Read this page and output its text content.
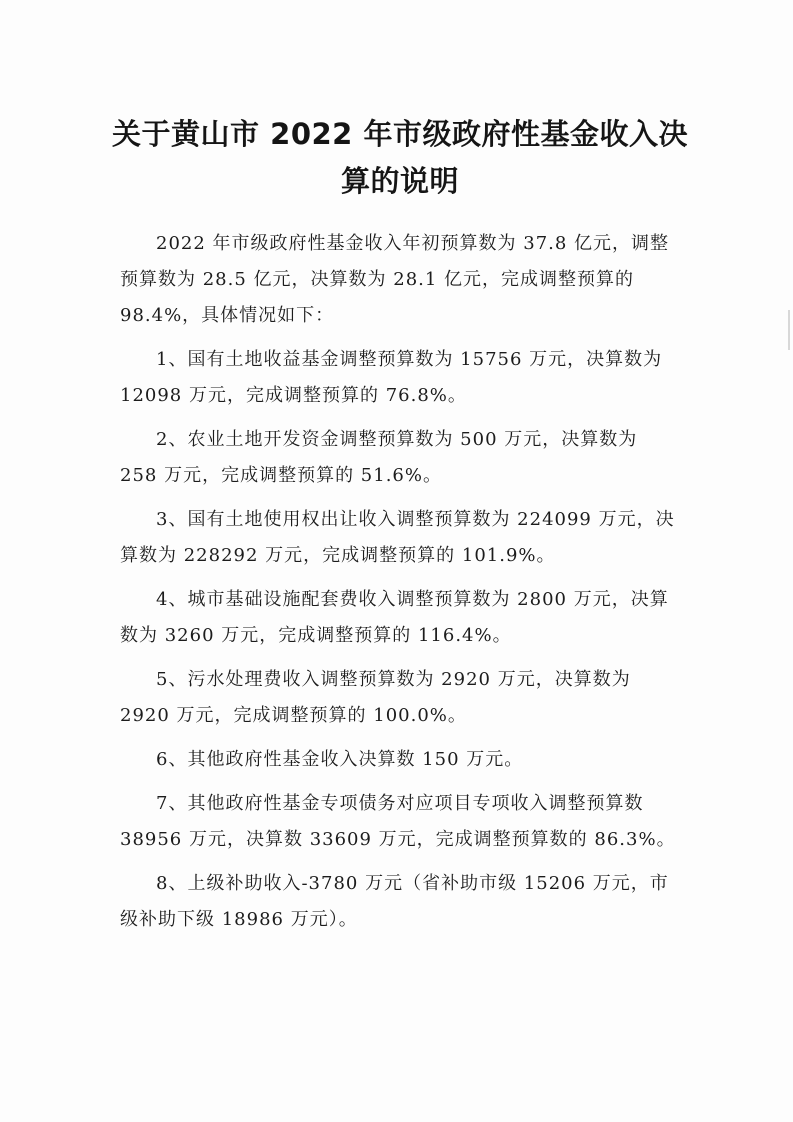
关于黄山市 2022 年市级政府性基金收入决
算的说明

2022 年市级政府性基金收入年初预算数为 37.8 亿元，调整预算数为 28.5 亿元，决算数为 28.1 亿元，完成调整预算的 98.4%，具体情况如下：

1、国有土地收益基金调整预算数为 15756 万元，决算数为 12098 万元，完成调整预算的 76.8%。

2、农业土地开发资金调整预算数为 500 万元，决算数为 258 万元，完成调整预算的 51.6%。

3、国有土地使用权出让收入调整预算数为 224099 万元，决算数为 228292 万元，完成调整预算的 101.9%。

4、城市基础设施配套费收入调整预算数为 2800 万元，决算数为 3260 万元，完成调整预算的 116.4%。

5、污水处理费收入调整预算数为 2920 万元，决算数为 2920 万元，完成调整预算的 100.0%。

6、其他政府性基金收入决算数 150 万元。

7、其他政府性基金专项债务对应项目专项收入调整预算数 38956 万元，决算数 33609 万元，完成调整预算数的 86.3%。

8、上级补助收入-3780 万元（省补助市级 15206 万元，市级补助下级 18986 万元）。
